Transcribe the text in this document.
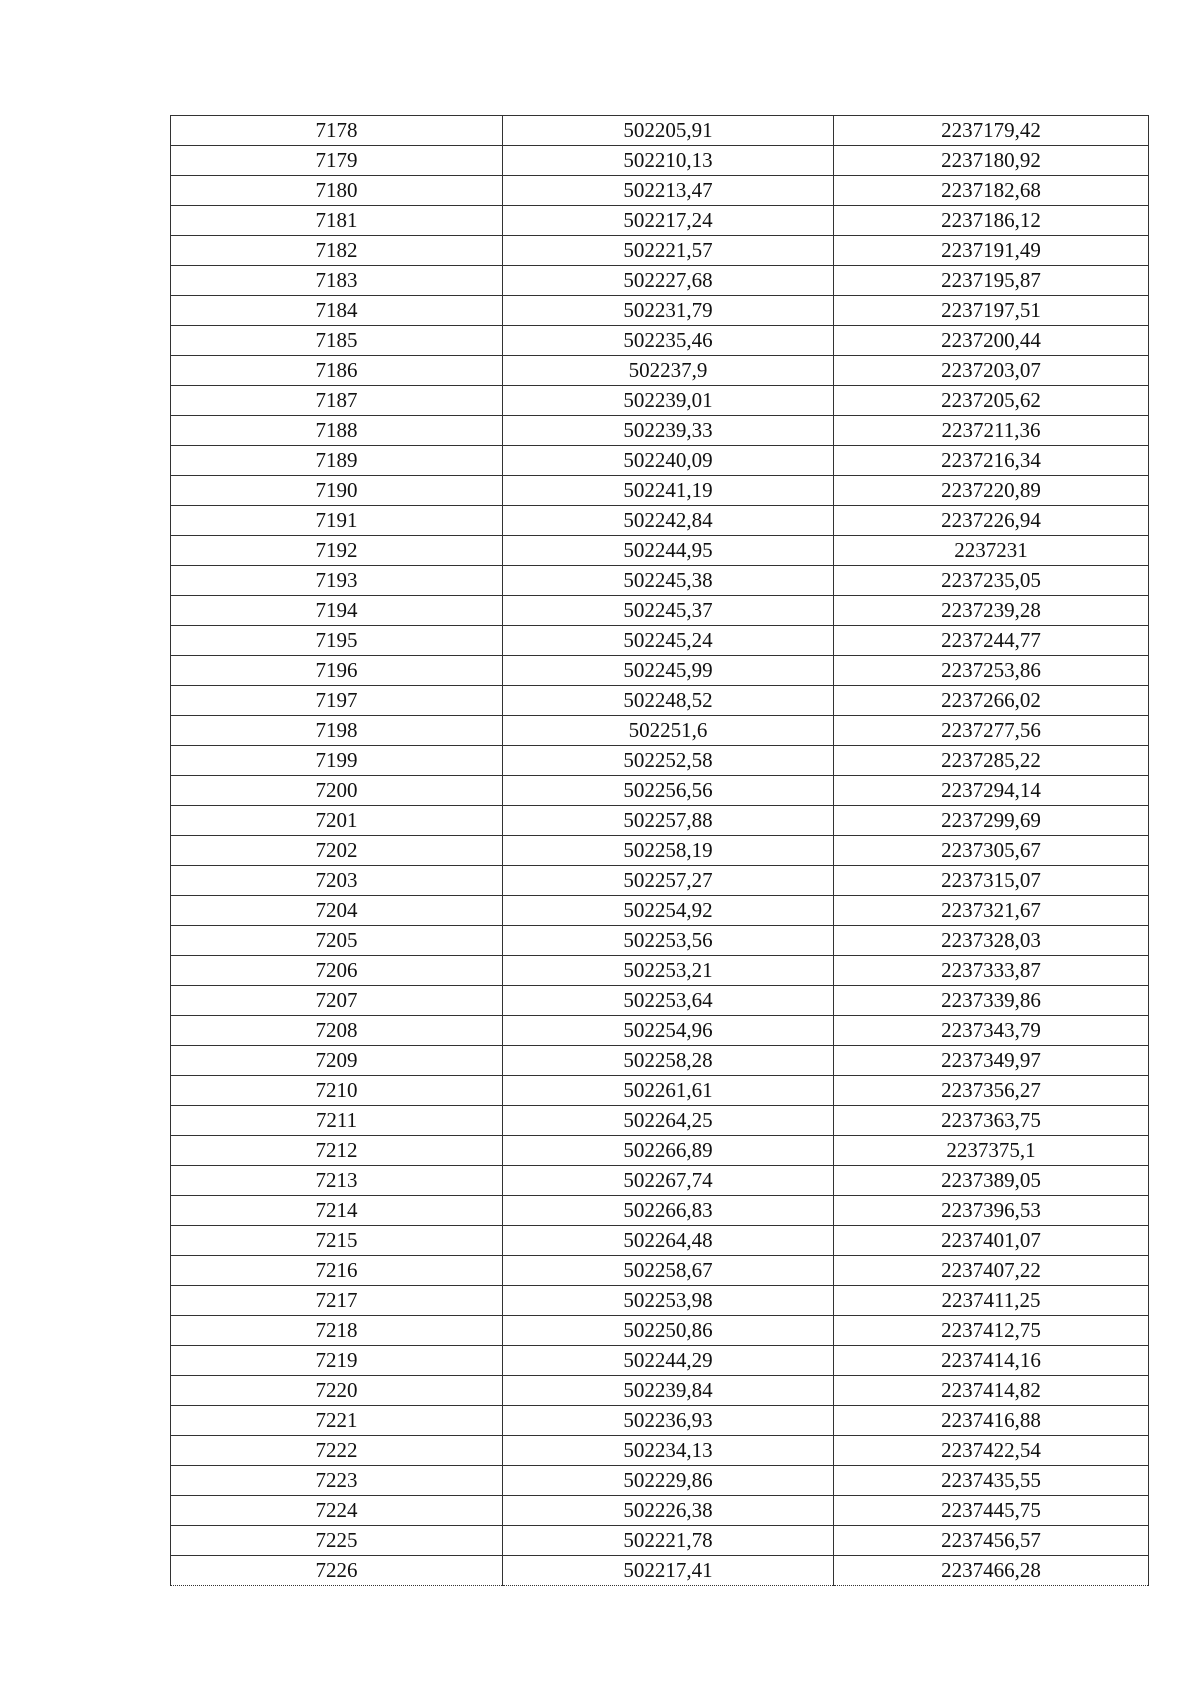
7178	502205,91	2237179,42
7179	502210,13	2237180,92
7180	502213,47	2237182,68
7181	502217,24	2237186,12
7182	502221,57	2237191,49
7183	502227,68	2237195,87
7184	502231,79	2237197,51
7185	502235,46	2237200,44
7186	502237,9	2237203,07
7187	502239,01	2237205,62
7188	502239,33	2237211,36
7189	502240,09	2237216,34
7190	502241,19	2237220,89
7191	502242,84	2237226,94
7192	502244,95	2237231
7193	502245,38	2237235,05
7194	502245,37	2237239,28
7195	502245,24	2237244,77
7196	502245,99	2237253,86
7197	502248,52	2237266,02
7198	502251,6	2237277,56
7199	502252,58	2237285,22
7200	502256,56	2237294,14
7201	502257,88	2237299,69
7202	502258,19	2237305,67
7203	502257,27	2237315,07
7204	502254,92	2237321,67
7205	502253,56	2237328,03
7206	502253,21	2237333,87
7207	502253,64	2237339,86
7208	502254,96	2237343,79
7209	502258,28	2237349,97
7210	502261,61	2237356,27
7211	502264,25	2237363,75
7212	502266,89	2237375,1
7213	502267,74	2237389,05
7214	502266,83	2237396,53
7215	502264,48	2237401,07
7216	502258,67	2237407,22
7217	502253,98	2237411,25
7218	502250,86	2237412,75
7219	502244,29	2237414,16
7220	502239,84	2237414,82
7221	502236,93	2237416,88
7222	502234,13	2237422,54
7223	502229,86	2237435,55
7224	502226,38	2237445,75
7225	502221,78	2237456,57
7226	502217,41	2237466,28
